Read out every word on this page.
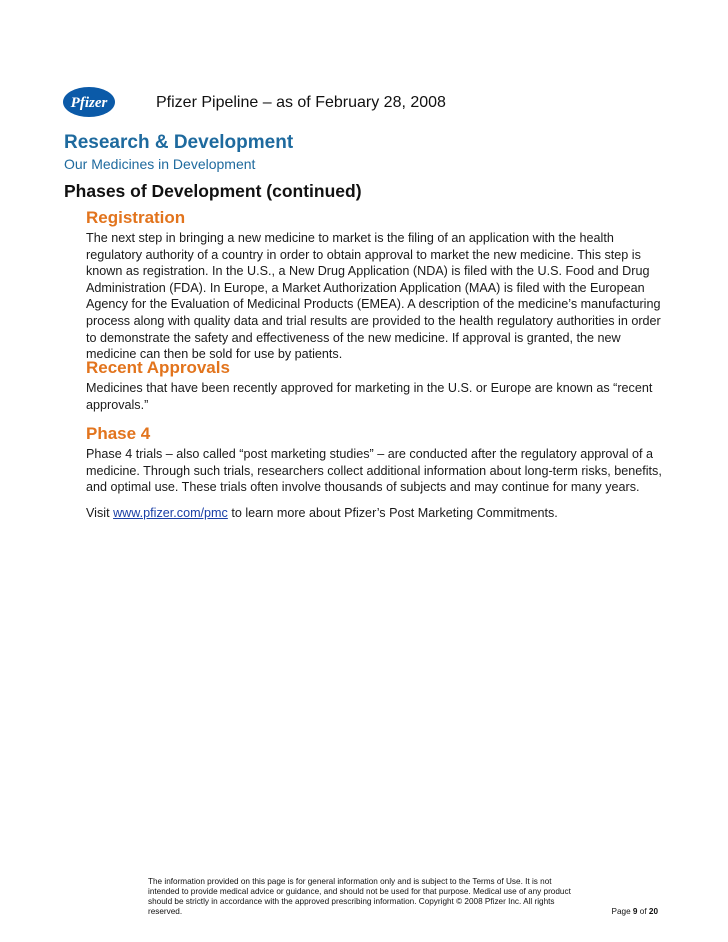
Pfizer	Pfizer Pipeline – as of February 28, 2008
Research & Development
Our Medicines in Development
Phases of Development (continued)
Registration

The next step in bringing a new medicine to market is the filing of an application with the health regulatory authority of a country in order to obtain approval to market the new medicine. This step is known as registration. In the U.S., a New Drug Application (NDA) is filed with the U.S. Food and Drug Administration (FDA). In Europe, a Market Authorization Application (MAA) is filed with the European Agency for the Evaluation of Medicinal Products (EMEA). A description of the medicine’s manufacturing process along with quality data and trial results are provided to the health regulatory authorities in order to demonstrate the safety and effectiveness of the new medicine. If approval is granted, the new medicine can then be sold for use by patients.

Recent Approvals

Medicines that have been recently approved for marketing in the U.S. or Europe are known as “recent approvals.”

Phase 4

Phase 4 trials – also called “post marketing studies” – are conducted after the regulatory approval of a medicine. Through such trials, researchers collect additional information about long-term risks, benefits, and optimal use. These trials often involve thousands of subjects and may continue for many years.

Visit www.pfizer.com/pmc to learn more about Pfizer’s Post Marketing Commitments.

The information provided on this page is for general information only and is subject to the Terms of Use. It is not intended to provide medical advice or guidance, and should not be used for that purpose. Medical use of any product should be strictly in accordance with the approved prescribing information. Copyright © 2008 Pfizer Inc. All rights reserved.	Page 9 of 20
